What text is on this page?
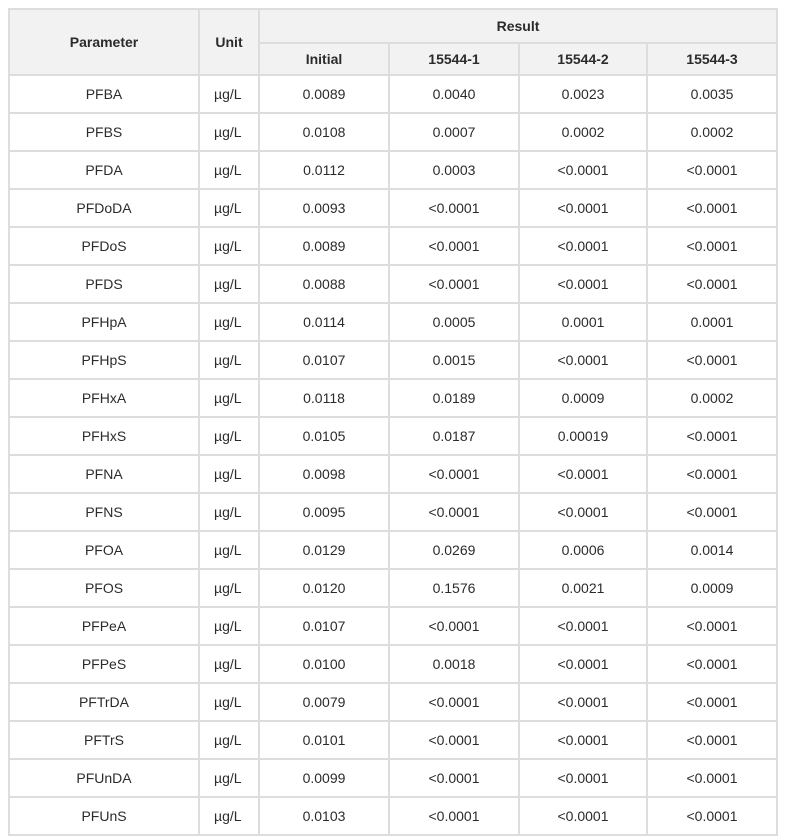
Parameter	Unit	Result			
		Initial	15544-1	15544-2	15544-3
PFBA	µg/L	0.0089	0.0040	0.0023	0.0035
PFBS	µg/L	0.0108	0.0007	0.0002	0.0002
PFDA	µg/L	0.0112	0.0003	<0.0001	<0.0001
PFDoDA	µg/L	0.0093	<0.0001	<0.0001	<0.0001
PFDoS	µg/L	0.0089	<0.0001	<0.0001	<0.0001
PFDS	µg/L	0.0088	<0.0001	<0.0001	<0.0001
PFHpA	µg/L	0.0114	0.0005	0.0001	0.0001
PFHpS	µg/L	0.0107	0.0015	<0.0001	<0.0001
PFHxA	µg/L	0.0118	0.0189	0.0009	0.0002
PFHxS	µg/L	0.0105	0.0187	0.00019	<0.0001
PFNA	µg/L	0.0098	<0.0001	<0.0001	<0.0001
PFNS	µg/L	0.0095	<0.0001	<0.0001	<0.0001
PFOA	µg/L	0.0129	0.0269	0.0006	0.0014
PFOS	µg/L	0.0120	0.1576	0.0021	0.0009
PFPeA	µg/L	0.0107	<0.0001	<0.0001	<0.0001
PFPeS	µg/L	0.0100	0.0018	<0.0001	<0.0001
PFTrDA	µg/L	0.0079	<0.0001	<0.0001	<0.0001
PFTrS	µg/L	0.0101	<0.0001	<0.0001	<0.0001
PFUnDA	µg/L	0.0099	<0.0001	<0.0001	<0.0001
PFUnS	µg/L	0.0103	<0.0001	<0.0001	<0.0001
